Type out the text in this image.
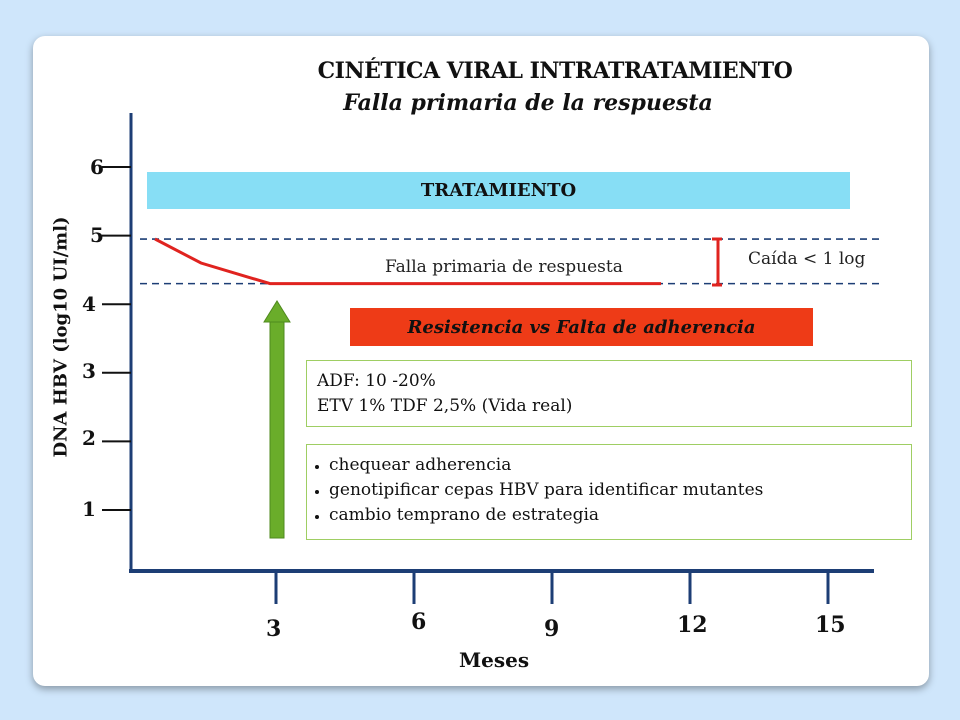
CINÉTICA VIRAL INTRATRATAMIENTO
Falla primaria de la respuesta
TRATAMIENTO
DNA HBV (log10 UI/ml)
6
5
4
3
2
1
3	6	9	12	15
Meses
Falla primaria de respuesta	Caída < 1 log
Resistencia vs Falta de adherencia
ADF: 10 -20%
ETV 1% TDF 2,5% (Vida real)
• chequear adherencia
• genotipificar cepas HBV para identificar mutantes
• cambio temprano de estrategia
